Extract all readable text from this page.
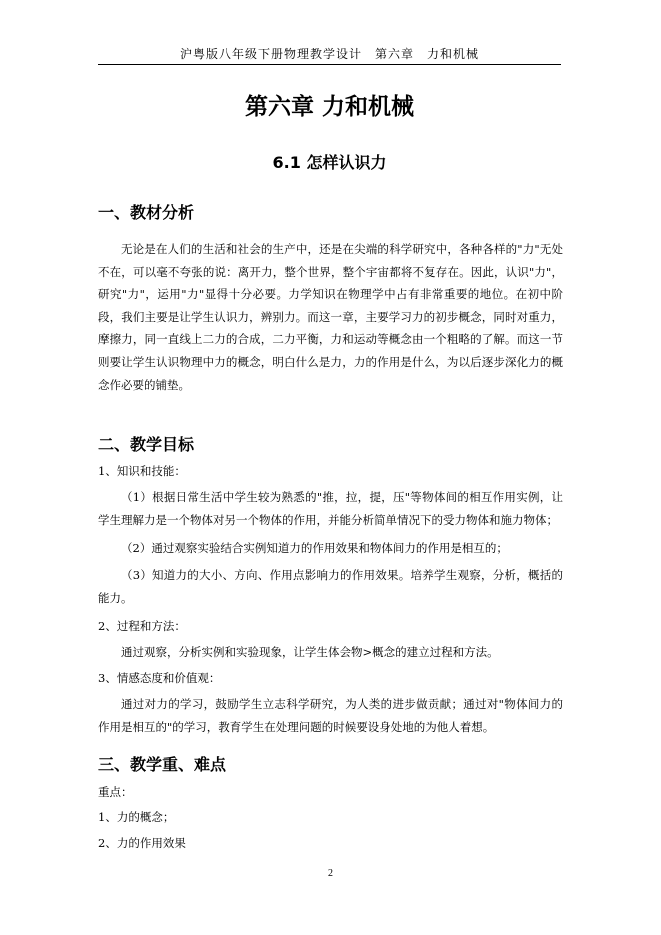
沪粤版八年级下册物理教学设计　第六章　力和机械
第六章 力和机械
6.1 怎样认识力
一、教材分析

无论是在人们的生活和社会的生产中，还是在尖端的科学研究中，各种各样的"力"无处不在，可以毫不夸张的说：离开力，整个世界，整个宇宙都将不复存在。因此，认识"力"，研究"力"，运用"力"显得十分必要。力学知识在物理学中占有非常重要的地位。在初中阶段，我们主要是让学生认识力，辨别力。而这一章，主要学习力的初步概念，同时对重力，摩擦力，同一直线上二力的合成，二力平衡，力和运动等概念由一个粗略的了解。而这一节则要让学生认识物理中力的概念，明白什么是力，力的作用是什么，为以后逐步深化力的概念作必要的铺垫。

二、教学目标
1、知识和技能：

（1）根据日常生活中学生较为熟悉的"推，拉，提，压"等物体间的相互作用实例，让学生理解力是一个物体对另一个物体的作用，并能分析简单情况下的受力物体和施力物体；

（2）通过观察实验结合实例知道力的作用效果和物体间力的作用是相互的；

（3）知道力的大小、方向、作用点影响力的作用效果。培养学生观察，分析，概括的能力。

2、过程和方法：

通过观察，分析实例和实验现象，让学生体会物>概念的建立过程和方法。

3、情感态度和价值观：

通过对力的学习，鼓励学生立志科学研究，为人类的进步做贡献；通过对"物体间力的作用是相互的"的学习，教育学生在处理问题的时候要设身处地的为他人着想。

三、教学重、难点
重点：
1、力的概念；
2、力的作用效果
2
